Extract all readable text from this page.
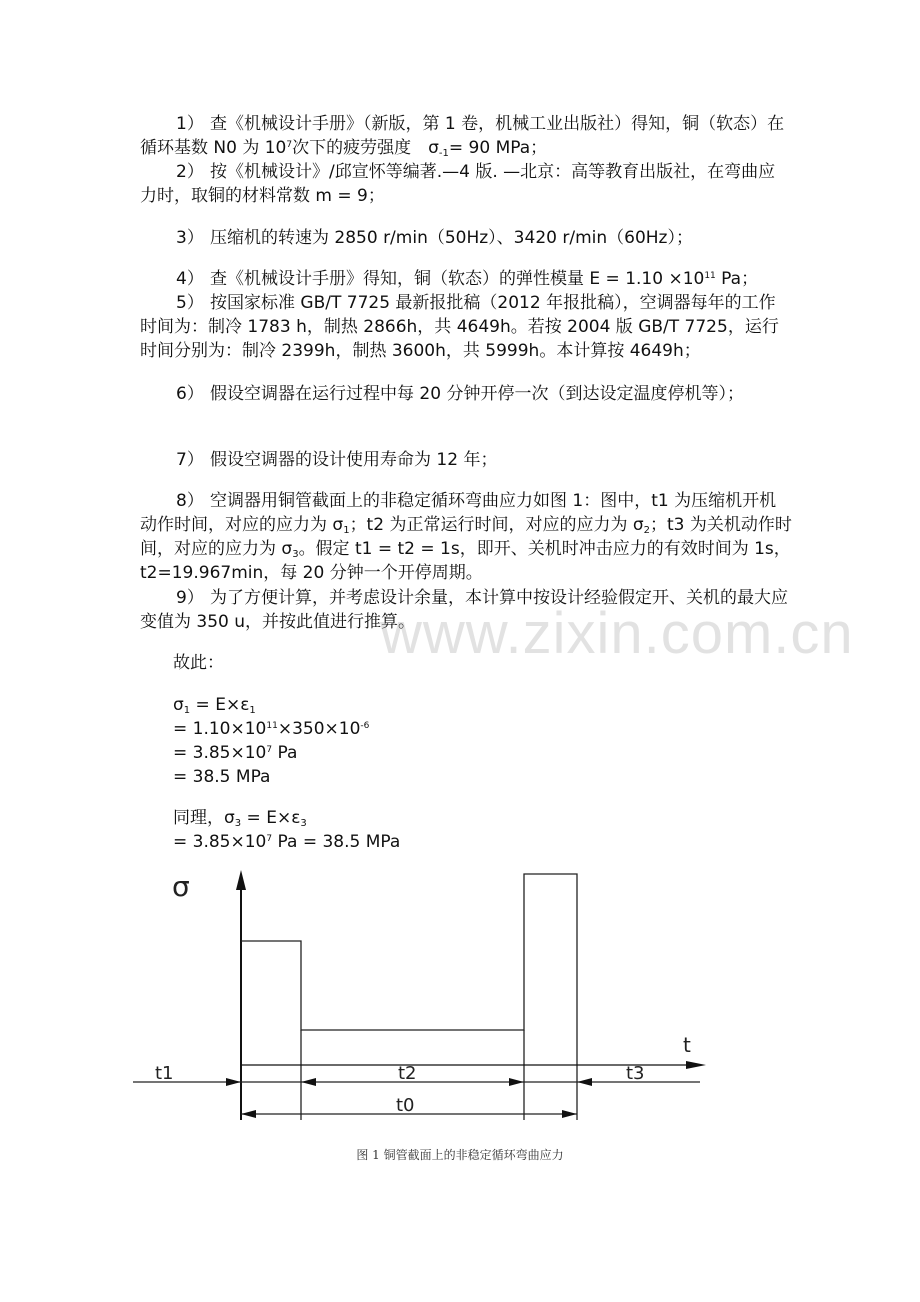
1） 查《机械设计手册》（新版，第 1 卷，机械工业出版社）得知，铜（软态）在循环基数 N0 为 $10^7$次下的疲劳强度　$\sigma_{-1}= 90$ MPa；

2） 按《机械设计》/邱宣怀等编著.—4 版. —北京：高等教育出版社，在弯曲应力时，取铜的材料常数 m = 9；

3） 压缩机的转速为 2850 r/min（50Hz）、3420 r/min（60Hz）；

4） 查《机械设计手册》得知，铜（软态）的弹性模量 $E = 1.10 \times 10^{11}$ Pa；

5） 按国家标准 GB/T 7725 最新报批稿（2012 年报批稿），空调器每年的工作时间为：制冷 1783 h，制热 2866h，共 4649h。若按 2004 版 GB/T 7725，运行时间分别为：制冷 2399h，制热 3600h，共 5999h。本计算按 4649h；

6） 假设空调器在运行过程中每 20 分钟开停一次（到达设定温度停机等）；

7） 假设空调器的设计使用寿命为 12 年；

8） 空调器用铜管截面上的非稳定循环弯曲应力如图 1：图中，t1 为压缩机开机动作时间，对应的应力为 $\sigma_1$；t2 为正常运行时间，对应的应力为 $\sigma_2$；t3 为关机动作时间，对应的应力为 $\sigma_3$。假定 t1 = t2 = 1s，即开、关机时冲击应力的有效时间为 1s，t2=19.967min，每 20 分钟一个开停周期。

9） 为了方便计算，并考虑设计余量，本计算中按设计经验假定开、关机的最大应变值为 350 u，并按此值进行推算。

故此：
$\sigma_1 = E\times\varepsilon_1$
= $1.10\times 10^{11}\times 350\times 10^{-6}$
= $3.85\times 10^7$ Pa
= 38.5 MPa
同理，$\sigma_3 = E\times\varepsilon_3$
= $3.85\times 10^7$ Pa = 38.5 MPa
σ
t
t1	t2	t3
t0
www.zixin.com.cn
图 1 铜管截面上的非稳定循环弯曲应力
